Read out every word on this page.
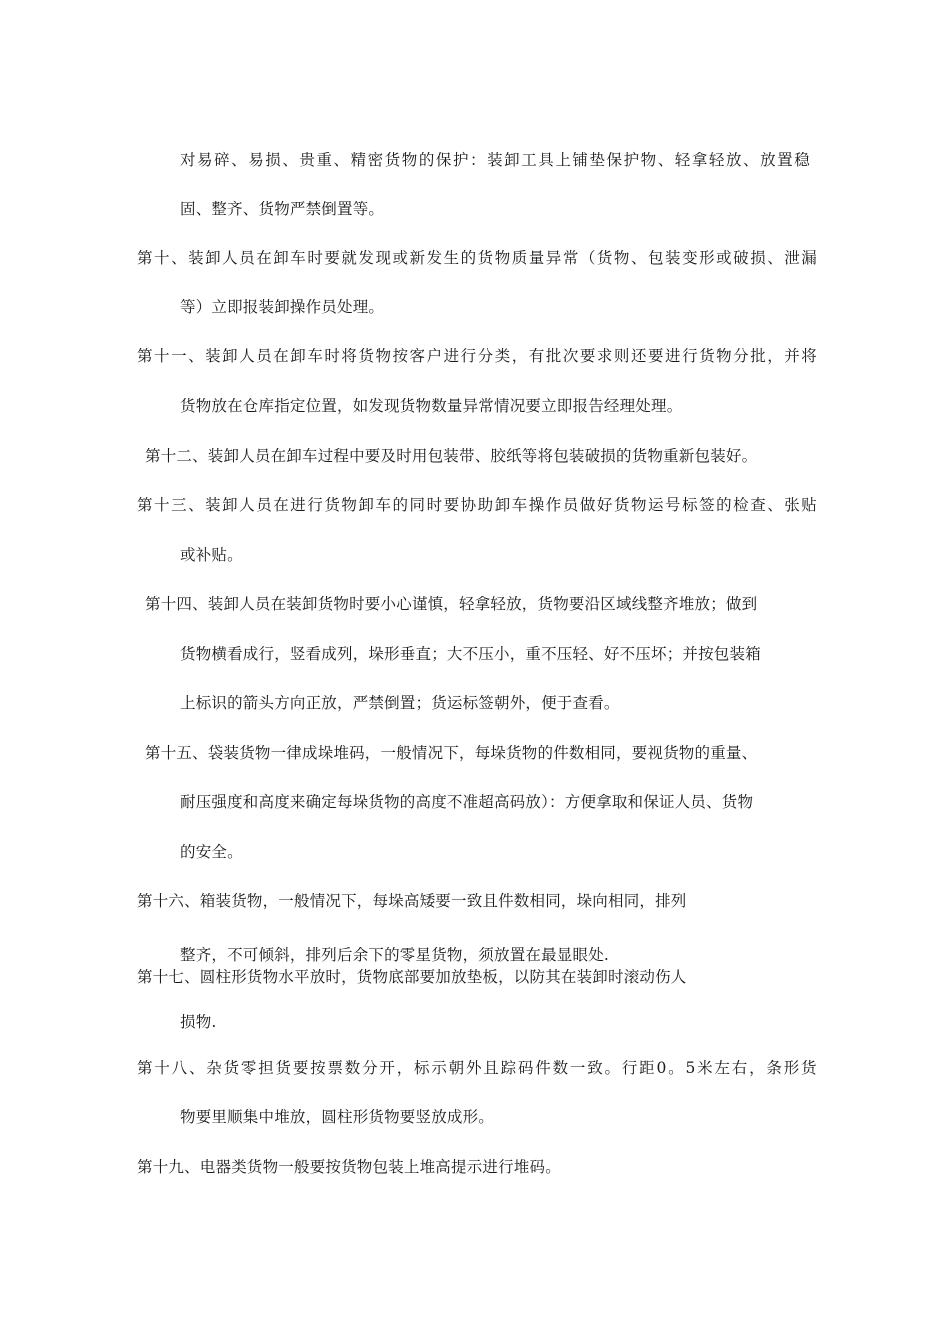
对易碎、易损、贵重、精密货物的保护：装卸工具上铺垫保护物、轻拿轻放、放置稳
固、整齐、货物严禁倒置等。
第十、装卸人员在卸车时要就发现或新发生的货物质量异常（货物、包装变形或破损、泄漏
等）立即报装卸操作员处理。
第十一、装卸人员在卸车时将货物按客户进行分类，有批次要求则还要进行货物分批，并将
货物放在仓库指定位置，如发现货物数量异常情况要立即报告经理处理。
第十二、装卸人员在卸车过程中要及时用包装带、胶纸等将包装破损的货物重新包装好。
第十三、装卸人员在进行货物卸车的同时要协助卸车操作员做好货物运号标签的检查、张贴
或补贴。
第十四、装卸人员在装卸货物时要小心谨慎，轻拿轻放，货物要沿区域线整齐堆放；做到
货物横看成行，竖看成列，垛形垂直；大不压小，重不压轻、好不压坏；并按包装箱
上标识的箭头方向正放，严禁倒置；货运标签朝外，便于查看。
第十五、袋装货物一律成垛堆码，一般情况下，每垛货物的件数相同，要视货物的重量、
耐压强度和高度来确定每垛货物的高度不准超高码放）：方便拿取和保证人员、货物
的安全。
第十六、箱装货物，一般情况下，每垛高矮要一致且件数相同，垛向相同，排列
整齐，不可倾斜，排列后余下的零星货物，须放置在最显眼处.
第十七、圆柱形货物水平放时，货物底部要加放垫板，以防其在装卸时滚动伤人
损物.
第十八、杂货零担货要按票数分开，标示朝外且踪码件数一致。行距0。5米左右，条形货
物要里顺集中堆放，圆柱形货物要竖放成形。
第十九、电器类货物一般要按货物包装上堆高提示进行堆码。
